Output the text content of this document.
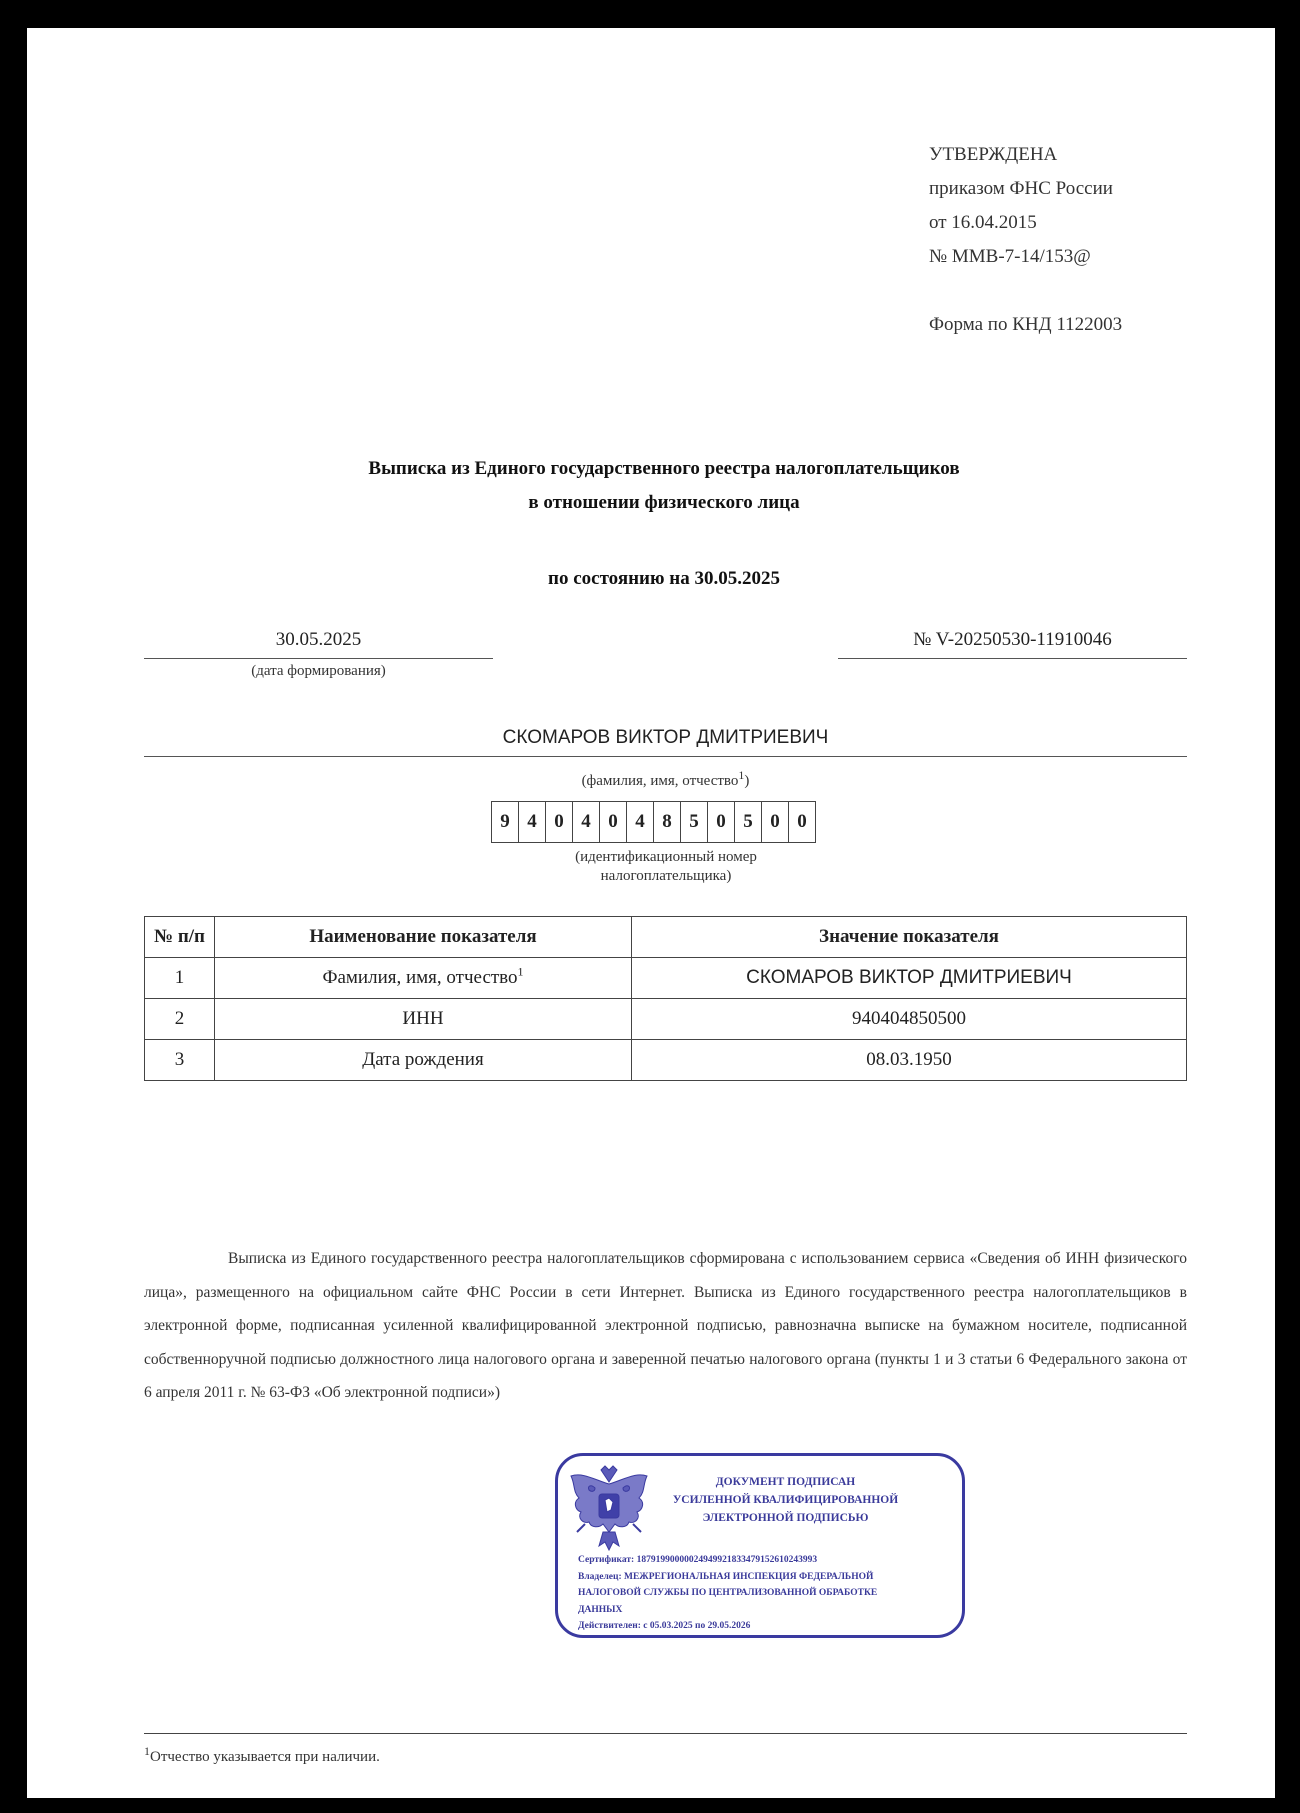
УТВЕРЖДЕНА
приказом ФНС России
от 16.04.2015
№ ММВ-7-14/153@
Форма по КНД 1122003
Выписка из Единого государственного реестра налогоплательщиков
в отношении физического лица
по состоянию на 30.05.2025
30.05.2025
(дата формирования)
№ V-20250530-11910046
СКОМАРОВ ВИКТОР ДМИТРИЕВИЧ
(фамилия, имя, отчество$^1$)
9 4 0 4 0 4 8 5 0 5 0 0
(идентификационный номер
налогоплательщика)
№ п/п	Наименование показателя	Значение показателя
1	Фамилия, имя, отчество$^1$	СКОМАРОВ ВИКТОР ДМИТРИЕВИЧ
2	ИНН	940404850500
3	Дата рождения	08.03.1950
Выписка из Единого государственного реестра налогоплательщиков сформирована с использованием сервиса «Сведения об ИНН физического лица», размещенного на официальном сайте ФНС России в сети Интернет. Выписка из Единого государственного реестра налогоплательщиков в электронной форме, подписанная усиленной квалифицированной электронной подписью, равнозначна выписке на бумажном носителе, подписанной собственноручной подписью должностного лица налогового органа и заверенной печатью налогового органа (пункты 1 и 3 статьи 6 Федерального закона от 6 апреля 2011 г. № 63-ФЗ «Об электронной подписи»)
ДОКУМЕНТ ПОДПИСАН
УСИЛЕННОЙ КВАЛИФИЦИРОВАННОЙ
ЭЛЕКТРОННОЙ ПОДПИСЬЮ
Сертификат: 18791990000024949921833479152610243993
Владелец: МЕЖРЕГИОНАЛЬНАЯ ИНСПЕКЦИЯ ФЕДЕРАЛЬНОЙ
НАЛОГОВОЙ СЛУЖБЫ ПО ЦЕНТРАЛИЗОВАННОЙ ОБРАБОТКЕ
ДАННЫХ
Действителен: с 05.03.2025 по 29.05.2026
$^1$Отчество указывается при наличии.
